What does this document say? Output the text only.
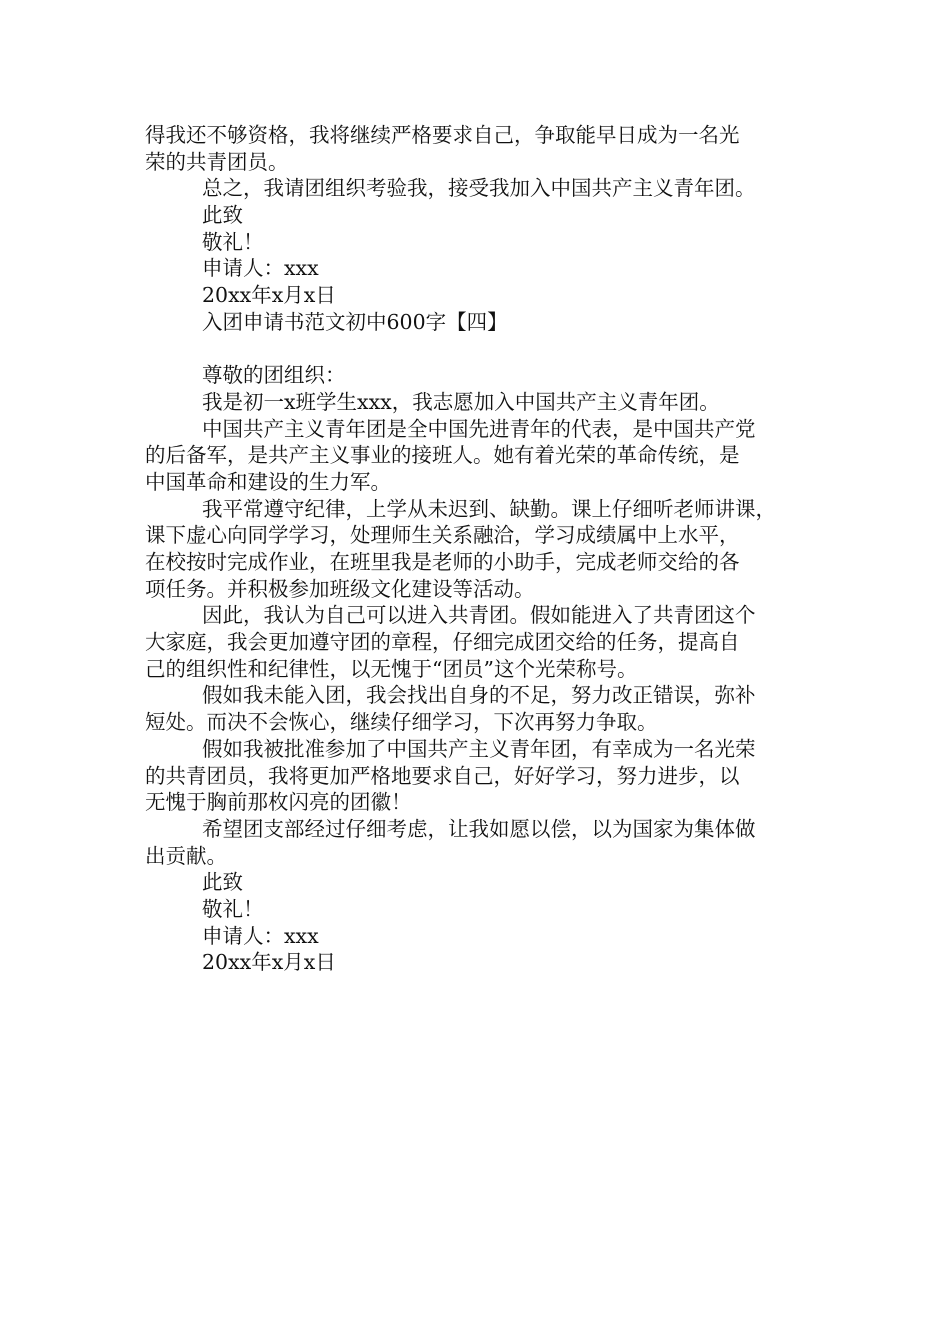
得我还不够资格，我将继续严格要求自己，争取能早日成为一名光
荣的共青团员。
总之，我请团组织考验我，接受我加入中国共产主义青年团。
此致
敬礼！
申请人：xxx
20xx年x月x日
入团申请书范文初中600字【四】
尊敬的团组织：
我是初一x班学生xxx，我志愿加入中国共产主义青年团。
中国共产主义青年团是全中国先进青年的代表，是中国共产党
的后备军，是共产主义事业的接班人。她有着光荣的革命传统，是
中国革命和建设的生力军。
我平常遵守纪律，上学从未迟到、缺勤。课上仔细听老师讲课，
课下虚心向同学学习，处理师生关系融洽，学习成绩属中上水平，
在校按时完成作业，在班里我是老师的小助手，完成老师交给的各
项任务。并积极参加班级文化建设等活动。
因此，我认为自己可以进入共青团。假如能进入了共青团这个
大家庭，我会更加遵守团的章程，仔细完成团交给的任务，提高自
己的组织性和纪律性，以无愧于“团员”这个光荣称号。
假如我未能入团，我会找出自身的不足，努力改正错误，弥补
短处。而决不会恢心，继续仔细学习，下次再努力争取。
假如我被批准参加了中国共产主义青年团，有幸成为一名光荣
的共青团员，我将更加严格地要求自己，好好学习，努力进步，以
无愧于胸前那枚闪亮的团徽！
希望团支部经过仔细考虑，让我如愿以偿，以为国家为集体做
出贡献。
此致
敬礼！
申请人：xxx
20xx年x月x日
